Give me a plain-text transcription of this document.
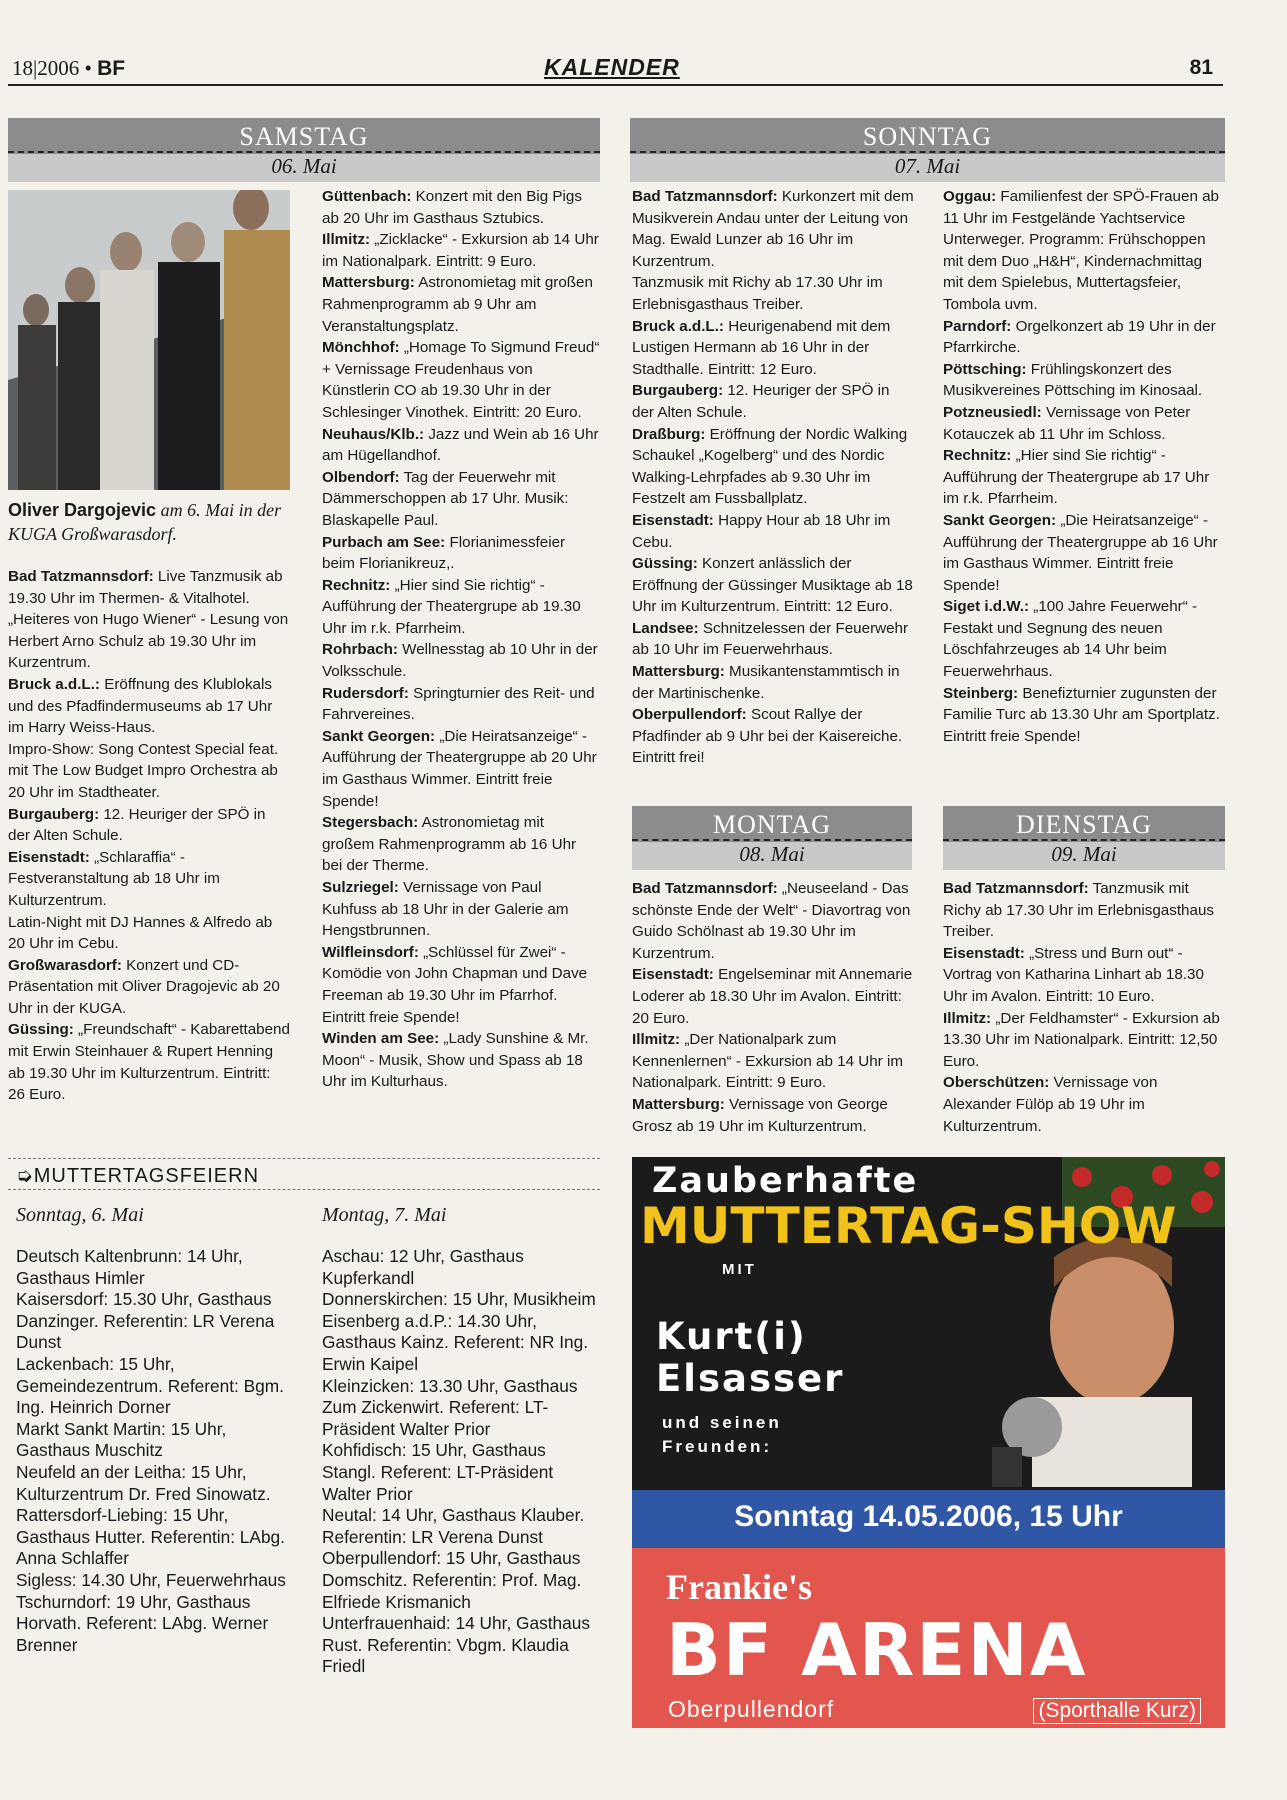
18|2006 • BF	KALENDER	81
SAMSTAG
06. Mai
SONNTAG
07. Mai
Oliver Dargojevic am 6. Mai in der KUGA Großwarasdorf.

Bad Tatzmannsdorf: Live Tanzmusik ab 19.30 Uhr im Thermen- & Vitalhotel.

„Heiteres von Hugo Wiener“ - Lesung von Herbert Arno Schulz ab 19.30 Uhr im Kurzentrum.

Bruck a.d.L.: Eröffnung des Klublokals und des Pfadfindermuseums ab 17 Uhr im Harry Weiss-Haus.

Impro-Show: Song Contest Special feat. mit The Low Budget Impro Orchestra ab 20 Uhr im Stadtheater.

Burgauberg: 12. Heuriger der SPÖ in der Alten Schule.

Eisenstadt: „Schlaraffia“ - Festveranstaltung ab 18 Uhr im Kulturzentrum.

Latin-Night mit DJ Hannes & Alfredo ab 20 Uhr im Cebu.

Großwarasdorf: Konzert und CD-Präsentation mit Oliver Dragojevic ab 20 Uhr in der KUGA.

Güssing: „Freundschaft“ - Kabarettabend mit Erwin Steinhauer & Rupert Henning ab 19.30 Uhr im Kulturzentrum. Eintritt: 26 Euro.

Güttenbach: Konzert mit den Big Pigs ab 20 Uhr im Gasthaus Sztubics.

Illmitz: „Zicklacke“ - Exkursion ab 14 Uhr im Nationalpark. Eintritt: 9 Euro.

Mattersburg: Astronomietag mit großen Rahmenprogramm ab 9 Uhr am Veranstaltungsplatz.

Mönchhof: „Homage To Sigmund Freud“ + Vernissage Freudenhaus von Künstlerin CO ab 19.30 Uhr in der Schlesinger Vinothek. Eintritt: 20 Euro.

Neuhaus/Klb.: Jazz und Wein ab 16 Uhr am Hügellandhof.

Olbendorf: Tag der Feuerwehr mit Dämmerschoppen ab 17 Uhr. Musik: Blaskapelle Paul.

Purbach am See: Florianimessfeier beim Florianikreuz,.

Rechnitz: „Hier sind Sie richtig“ - Aufführung der Theatergrupe ab 19.30 Uhr im r.k. Pfarrheim.

Rohrbach: Wellnesstag ab 10 Uhr in der Volksschule.

Rudersdorf: Springturnier des Reit- und Fahrvereines.

Sankt Georgen: „Die Heiratsanzeige“ - Aufführung der Theatergruppe ab 20 Uhr im Gasthaus Wimmer. Eintritt freie Spende!

Stegersbach: Astronomietag mit großem Rahmenprogramm ab 16 Uhr bei der Therme.

Sulzriegel: Vernissage von Paul Kuhfuss ab 18 Uhr in der Galerie am Hengstbrunnen.

Wilfleinsdorf: „Schlüssel für Zwei“ - Komödie von John Chapman und Dave Freeman ab 19.30 Uhr im Pfarrhof. Eintritt freie Spende!

Winden am See: „Lady Sunshine & Mr. Moon“ - Musik, Show und Spass ab 18 Uhr im Kulturhaus.

Bad Tatzmannsdorf: Kurkonzert mit dem Musikverein Andau unter der Leitung von Mag. Ewald Lunzer ab 16 Uhr im Kurzentrum.

Tanzmusik mit Richy ab 17.30 Uhr im Erlebnisgasthaus Treiber.

Bruck a.d.L.: Heurigenabend mit dem Lustigen Hermann ab 16 Uhr in der Stadthalle. Eintritt: 12 Euro.

Burgauberg: 12. Heuriger der SPÖ in der Alten Schule.

Draßburg: Eröffnung der Nordic Walking Schaukel „Kogelberg“ und des Nordic Walking-Lehrpfades ab 9.30 Uhr im Festzelt am Fussballplatz.

Eisenstadt: Happy Hour ab 18 Uhr im Cebu.

Güssing: Konzert anlässlich der Eröffnung der Güssinger Musiktage ab 18 Uhr im Kulturzentrum. Eintritt: 12 Euro.

Landsee: Schnitzelessen der Feuerwehr ab 10 Uhr im Feuerwehrhaus.

Mattersburg: Musikantenstammtisch in der Martinischenke.

Oberpullendorf: Scout Rallye der Pfadfinder ab 9 Uhr bei der Kaisereiche. Eintritt frei!

Oggau: Familienfest der SPÖ-Frauen ab 11 Uhr im Festgelände Yachtservice Unterweger. Programm: Frühschoppen mit dem Duo „H&H“, Kindernachmittag mit dem Spielebus, Muttertagsfeier, Tombola uvm.

Parndorf: Orgelkonzert ab 19 Uhr in der Pfarrkirche.

Pöttsching: Frühlingskonzert des Musikvereines Pöttsching im Kinosaal.

Potzneusiedl: Vernissage von Peter Kotauczek ab 11 Uhr im Schloss.

Rechnitz: „Hier sind Sie richtig“ - Aufführung der Theatergrupe ab 17 Uhr im r.k. Pfarrheim.

Sankt Georgen: „Die Heiratsanzeige“ - Aufführung der Theatergruppe ab 16 Uhr im Gasthaus Wimmer. Eintritt freie Spende!

Siget i.d.W.: „100 Jahre Feuerwehr“ - Festakt und Segnung des neuen Löschfahrzeuges ab 14 Uhr beim Feuerwehrhaus.

Steinberg: Benefizturnier zugunsten der Familie Turc ab 13.30 Uhr am Sportplatz. Eintritt freie Spende!

MONTAG
08. Mai

Bad Tatzmannsdorf: „Neuseeland - Das schönste Ende der Welt“ - Diavortrag von Guido Schölnast ab 19.30 Uhr im Kurzentrum.

Eisenstadt: Engelseminar mit Annemarie Loderer ab 18.30 Uhr im Avalon. Eintritt: 20 Euro.

Illmitz: „Der Nationalpark zum Kennenlernen“ - Exkursion ab 14 Uhr im Nationalpark. Eintritt: 9 Euro.

Mattersburg: Vernissage von George Grosz ab 19 Uhr im Kulturzentrum.

DIENSTAG
09. Mai

Bad Tatzmannsdorf: Tanzmusik mit Richy ab 17.30 Uhr im Erlebnisgasthaus Treiber.

Eisenstadt: „Stress und Burn out“ - Vortrag von Katharina Linhart ab 18.30 Uhr im Avalon. Eintritt: 10 Euro.

Illmitz: „Der Feldhamster“ - Exkursion ab 13.30 Uhr im Nationalpark. Eintritt: 12,50 Euro.

Oberschützen: Vernissage von Alexander Fülöp ab 19 Uhr im Kulturzentrum.

➭MUTTERTAGSFEIERN
Sonntag, 6. Mai	Montag, 7. Mai

Deutsch Kaltenbrunn: 14 Uhr, Gasthaus Himler

Kaisersdorf: 15.30 Uhr, Gasthaus Danzinger. Referentin: LR Verena Dunst

Lackenbach: 15 Uhr, Gemeindezentrum. Referent: Bgm. Ing. Heinrich Dorner

Markt Sankt Martin: 15 Uhr, Gasthaus Muschitz

Neufeld an der Leitha: 15 Uhr, Kulturzentrum Dr. Fred Sinowatz.

Rattersdorf-Liebing: 15 Uhr, Gasthaus Hutter. Referentin: LAbg. Anna Schlaffer

Sigless: 14.30 Uhr, Feuerwehrhaus

Tschurndorf: 19 Uhr, Gasthaus Horvath. Referent: LAbg. Werner Brenner

Aschau: 12 Uhr, Gasthaus Kupferkandl

Donnerskirchen: 15 Uhr, Musikheim

Eisenberg a.d.P.: 14.30 Uhr, Gasthaus Kainz. Referent: NR Ing. Erwin Kaipel

Kleinzicken: 13.30 Uhr, Gasthaus Zum Zickenwirt. Referent: LT-Präsident Walter Prior

Kohfidisch: 15 Uhr, Gasthaus Stangl. Referent: LT-Präsident Walter Prior

Neutal: 14 Uhr, Gasthaus Klauber. Referentin: LR Verena Dunst

Oberpullendorf: 15 Uhr, Gasthaus Domschitz. Referentin: Prof. Mag. Elfriede Krismanich

Unterfrauenhaid: 14 Uhr, Gasthaus Rust. Referentin: Vbgm. Klaudia Friedl

Zauberhafte
MUTTERTAG-SHOW
MIT
Kurt(i)
Elsasser
und seinen
Freunden:
Sonntag 14.05.2006, 15 Uhr
Frankie's
BF ARENA
Oberpullendorf	(Sporthalle Kurz)
